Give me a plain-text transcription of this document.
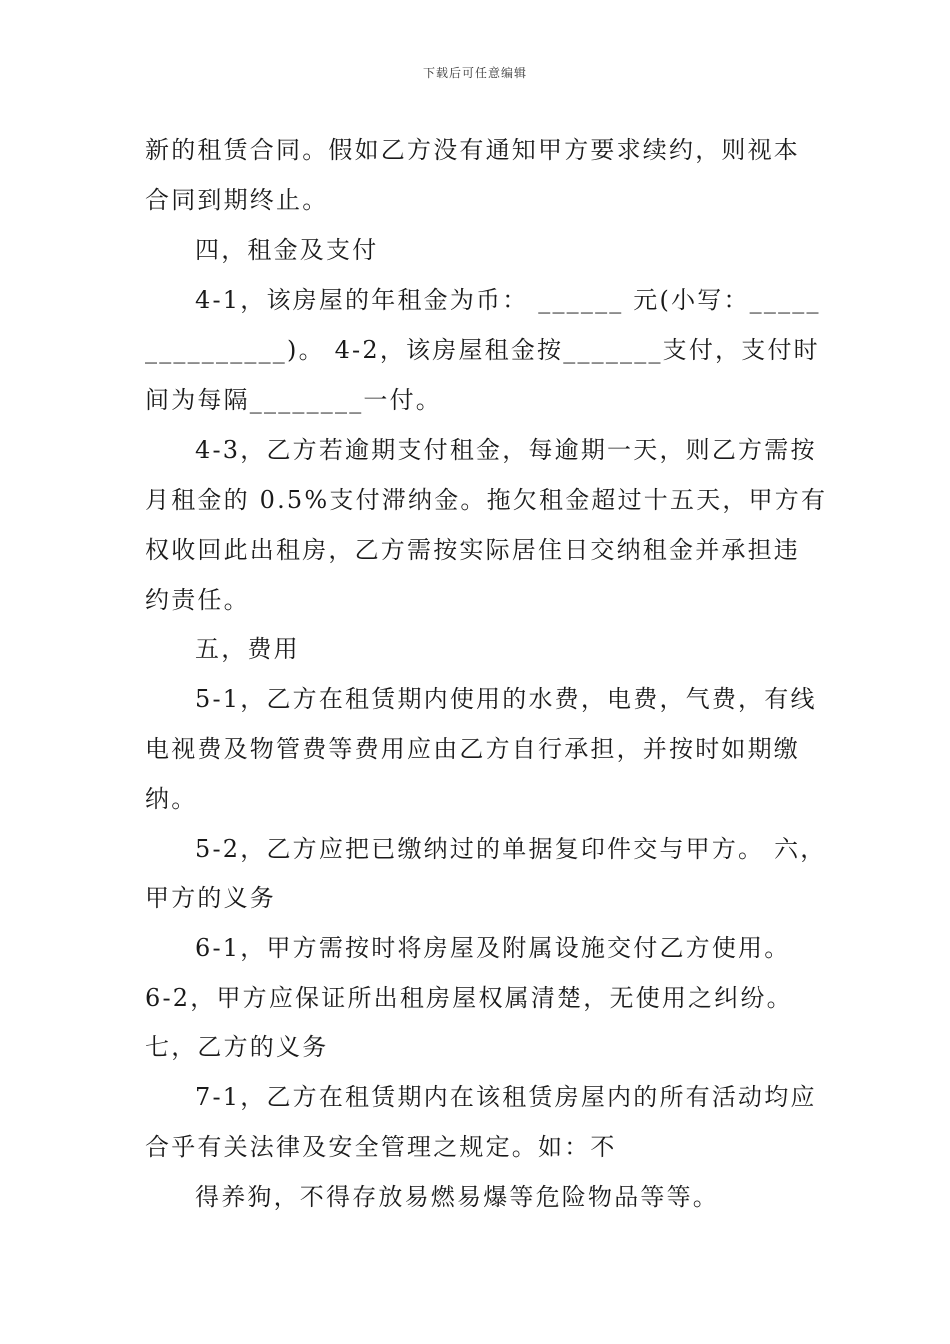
下载后可任意编辑
新的租赁合同。假如乙方没有通知甲方要求续约，则视本
合同到期终止。
四，租金及支付
4-1，该房屋的年租金为币： ______ 元(小写：_____
__________)。 4-2，该房屋租金按_______支付，支付时
间为每隔________一付。
4-3，乙方若逾期支付租金，每逾期一天，则乙方需按
月租金的 0.5%支付滞纳金。拖欠租金超过十五天，甲方有
权收回此出租房，乙方需按实际居住日交纳租金并承担违
约责任。
五，费用
5-1，乙方在租赁期内使用的水费，电费，气费，有线
电视费及物管费等费用应由乙方自行承担，并按时如期缴
纳。
5-2，乙方应把已缴纳过的单据复印件交与甲方。 六，
甲方的义务
6-1，甲方需按时将房屋及附属设施交付乙方使用。
6-2，甲方应保证所出租房屋权属清楚，无使用之纠纷。
七，乙方的义务
7-1，乙方在租赁期内在该租赁房屋内的所有活动均应
合乎有关法律及安全管理之规定。如：不
得养狗，不得存放易燃易爆等危险物品等等。
